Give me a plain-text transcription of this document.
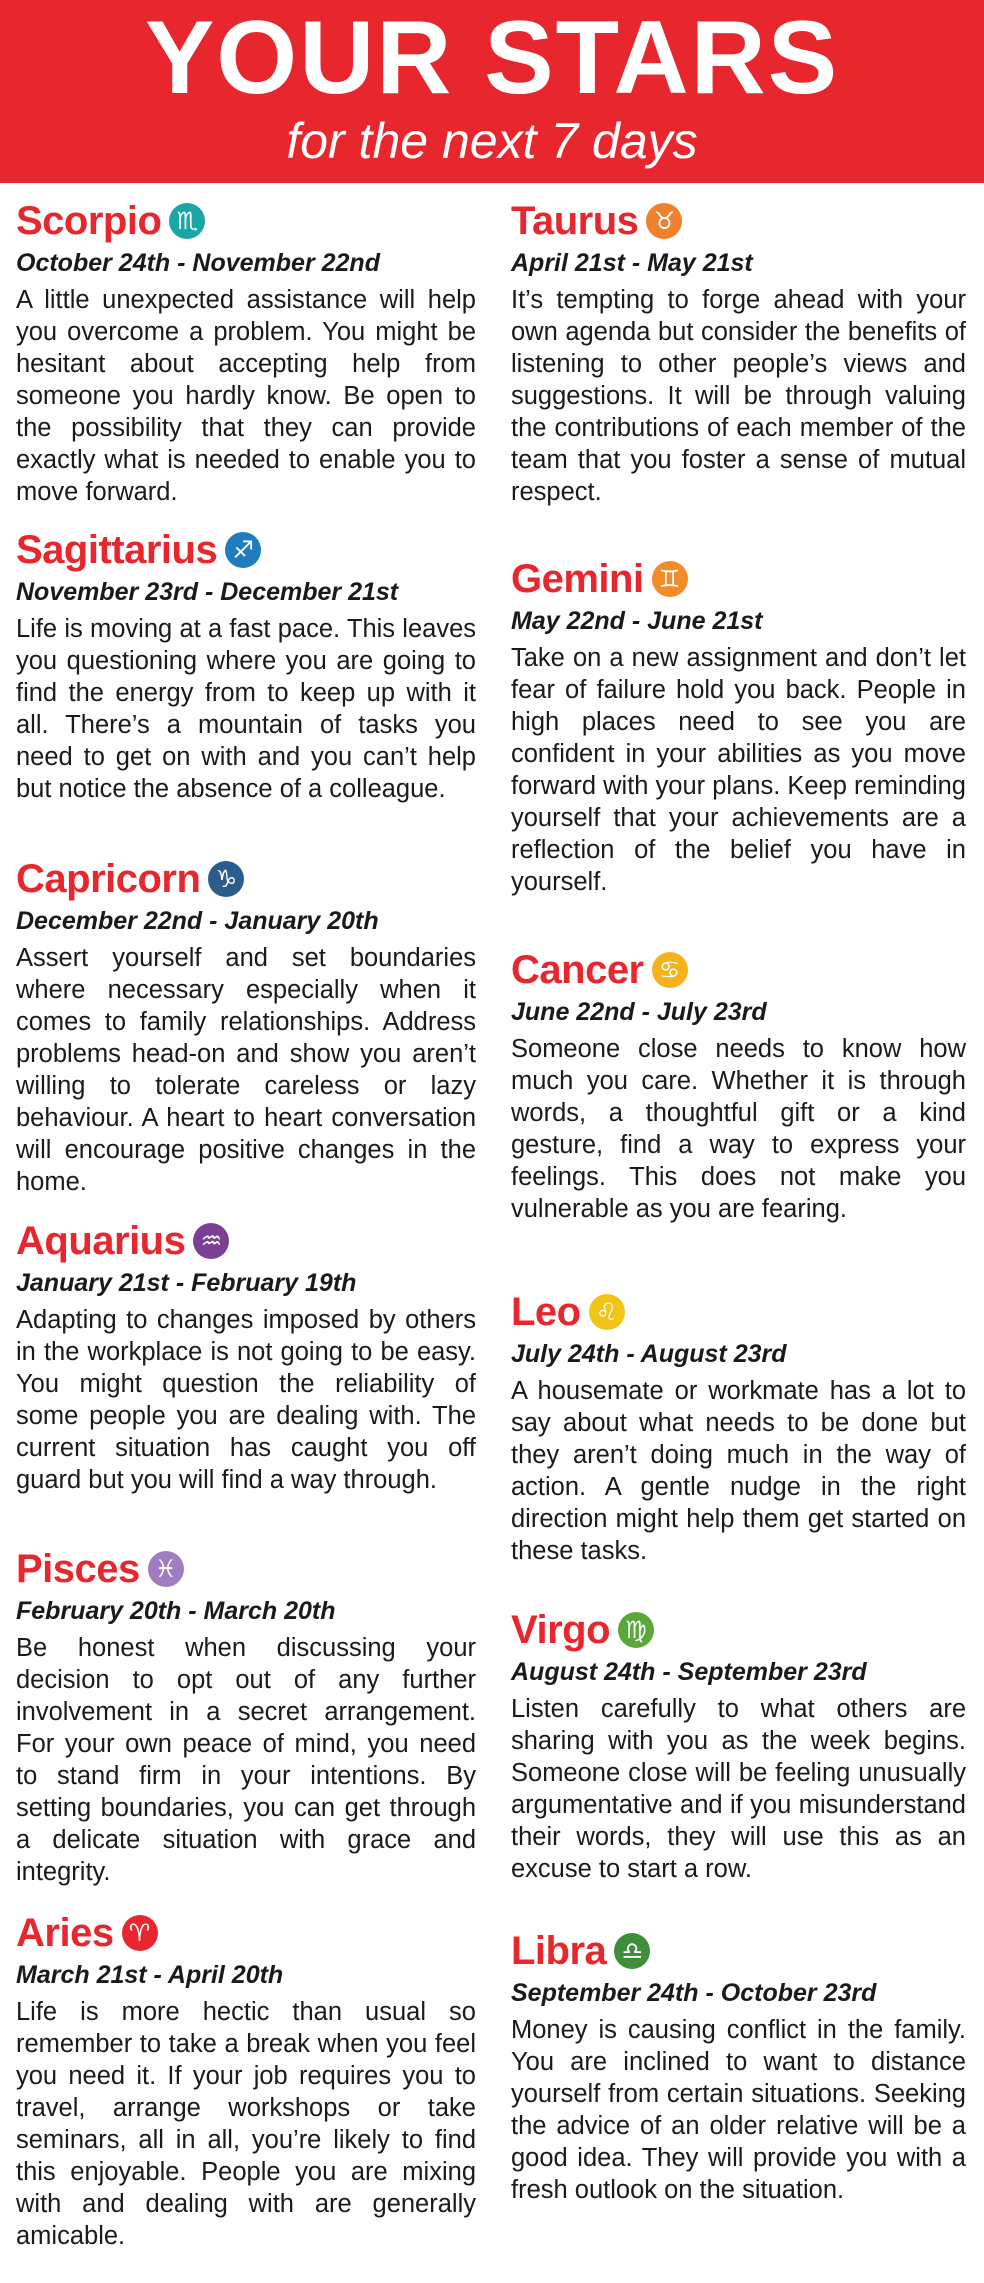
YOUR STARS
for the next 7 days
Scorpio ♏
October 24th - November 22nd
A little unexpected assistance will help you overcome a problem. You might be hesitant about accepting help from someone you hardly know. Be open to the possibility that they can provide exactly what is needed to enable you to move forward.
Sagittarius ♐
November 23rd - December 21st
Life is moving at a fast pace. This leaves you questioning where you are going to find the energy from to keep up with it all. There’s a mountain of tasks you need to get on with and you can’t help but notice the absence of a colleague.
Capricorn ♑
December 22nd - January 20th
Assert yourself and set boundaries where necessary especially when it comes to family relationships. Address problems head-on and show you aren’t willing to tolerate careless or lazy behaviour. A heart to heart conversation will encourage positive changes in the home.
Aquarius ♒
January 21st - February 19th
Adapting to changes imposed by others in the workplace is not going to be easy. You might question the reliability of some people you are dealing with. The current situation has caught you off guard but you will find a way through.
Pisces ♓
February 20th - March 20th
Be honest when discussing your decision to opt out of any further involvement in a secret arrangement. For your own peace of mind, you need to stand firm in your intentions. By setting boundaries, you can get through a delicate situation with grace and integrity.
Aries ♈
March 21st - April 20th
Life is more hectic than usual so remember to take a break when you feel you need it. If your job requires you to travel, arrange workshops or take seminars, all in all, you’re likely to find this enjoyable. People you are mixing with and dealing with are generally amicable.
Taurus ♉
April 21st - May 21st
It’s tempting to forge ahead with your own agenda but consider the benefits of listening to other people’s views and suggestions. It will be through valuing the contributions of each member of the team that you foster a sense of mutual respect.
Gemini ♊
May 22nd - June 21st
Take on a new assignment and don’t let fear of failure hold you back. People in high places need to see you are confident in your abilities as you move forward with your plans. Keep reminding yourself that your achievements are a reflection of the belief you have in yourself.
Cancer ♋
June 22nd - July 23rd
Someone close needs to know how much you care. Whether it is through words, a thoughtful gift or a kind gesture, find a way to express your feelings. This does not make you vulnerable as you are fearing.
Leo ♌
July 24th - August 23rd
A housemate or workmate has a lot to say about what needs to be done but they aren’t doing much in the way of action. A gentle nudge in the right direction might help them get started on these tasks.
Virgo ♍
August 24th - September 23rd
Listen carefully to what others are sharing with you as the week begins. Someone close will be feeling unusually argumentative and if you misunderstand their words, they will use this as an excuse to start a row.
Libra ♎
September 24th - October 23rd
Money is causing conflict in the family. You are inclined to want to distance yourself from certain situations. Seeking the advice of an older relative will be a good idea. They will provide you with a fresh outlook on the situation.
